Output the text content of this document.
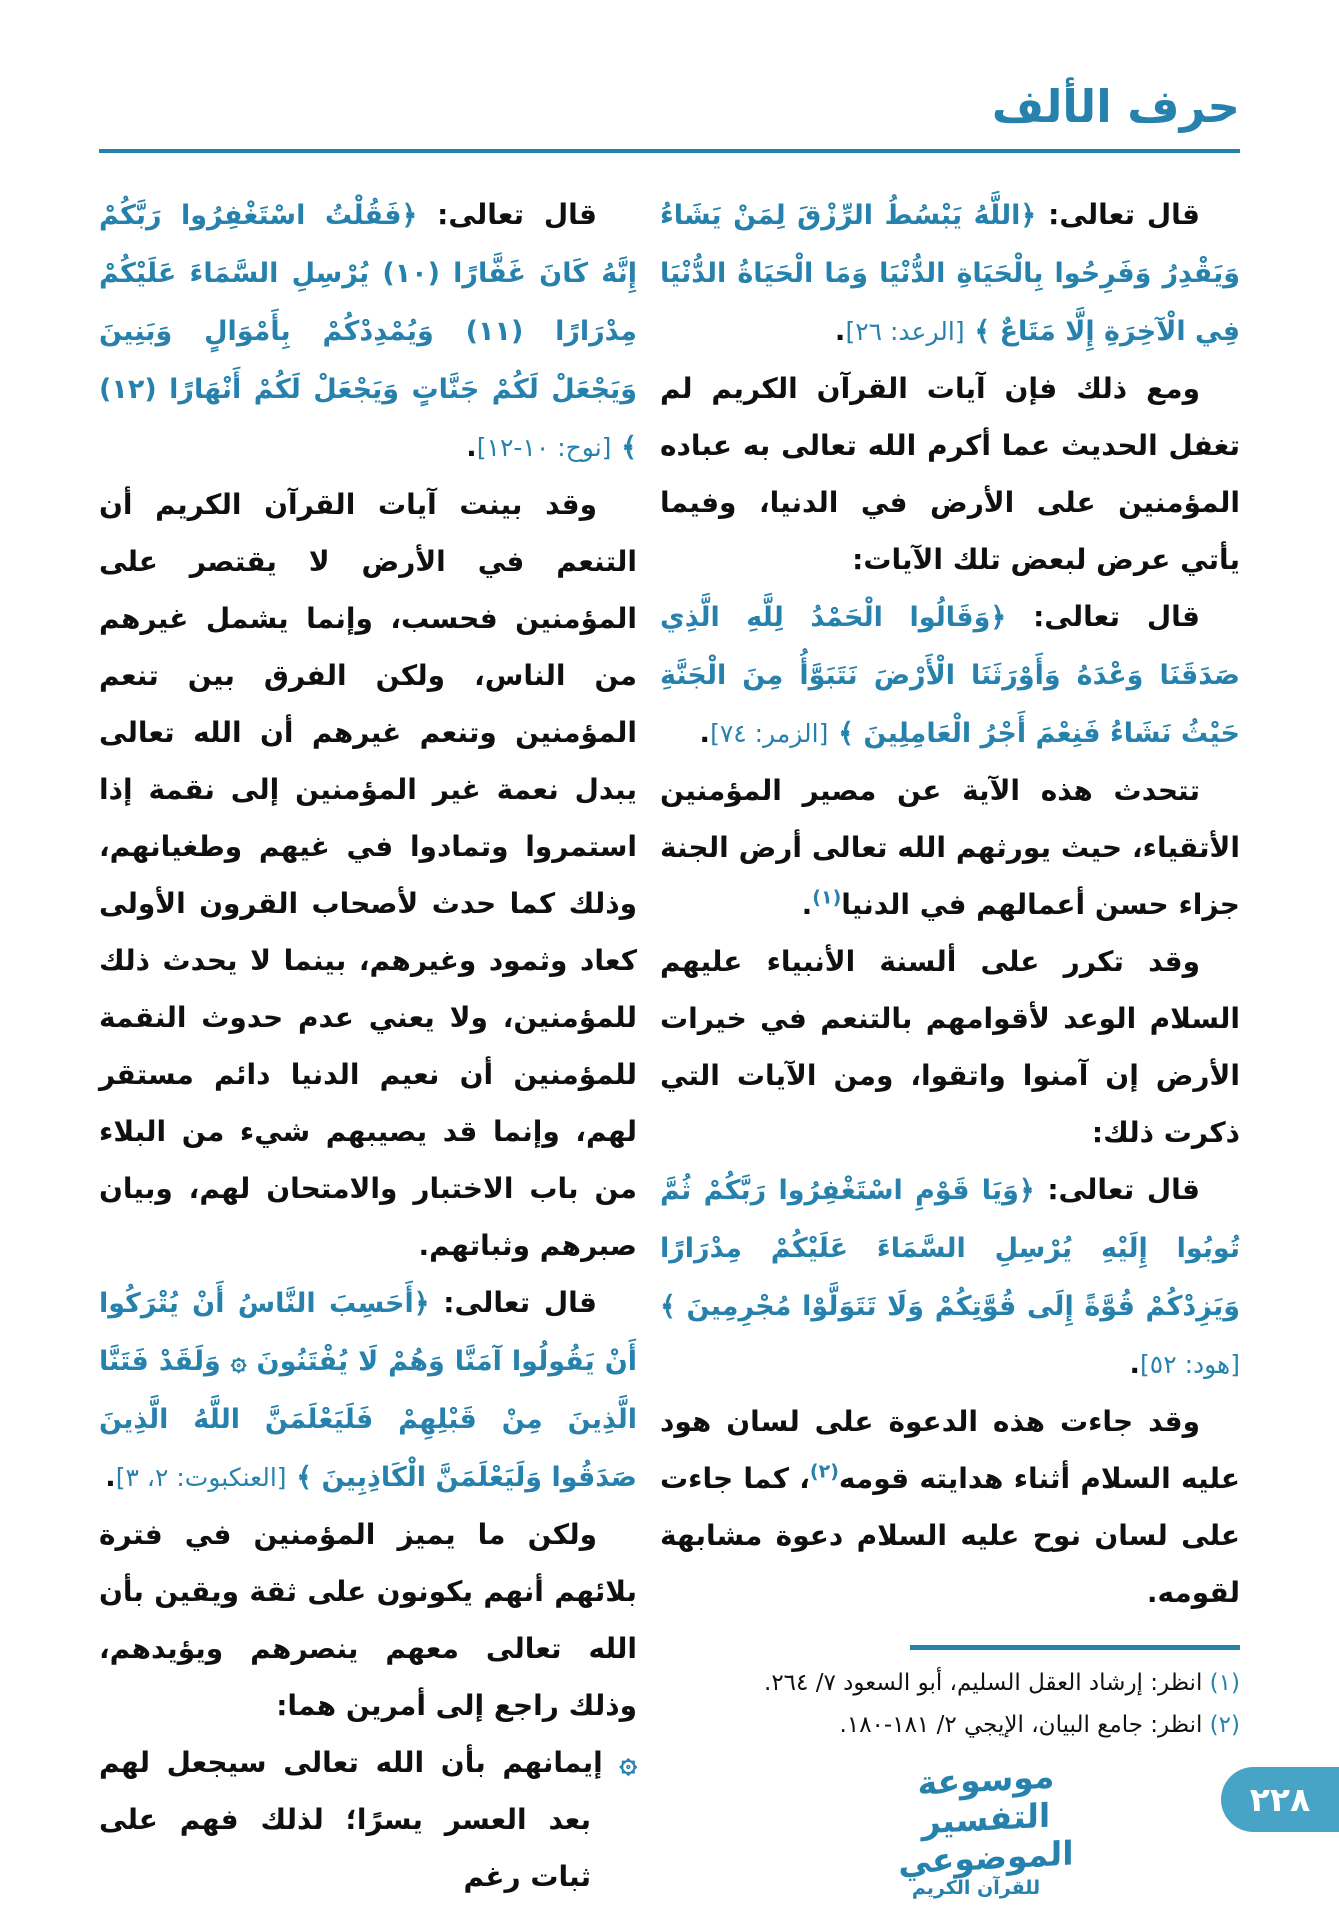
حرف الألف

قال تعالى: ﴿اللَّهُ يَبْسُطُ الرِّزْقَ لِمَنْ يَشَاءُ وَيَقْدِرُ وَفَرِحُوا بِالْحَيَاةِ الدُّنْيَا وَمَا الْحَيَاةُ الدُّنْيَا فِي الْآخِرَةِ إِلَّا مَتَاعٌ ﴾ [الرعد: ٢٦].

ومع ذلك فإن آيات القرآن الكريم لم تغفل الحديث عما أكرم الله تعالى به عباده المؤمنين على الأرض في الدنيا، وفيما يأتي عرض لبعض تلك الآيات:

قال تعالى: ﴿وَقَالُوا الْحَمْدُ لِلَّهِ الَّذِي صَدَقَنَا وَعْدَهُ وَأَوْرَثَنَا الْأَرْضَ نَتَبَوَّأُ مِنَ الْجَنَّةِ حَيْثُ نَشَاءُ فَنِعْمَ أَجْرُ الْعَامِلِينَ ﴾ [الزمر: ٧٤].

تتحدث هذه الآية عن مصير المؤمنين الأتقياء، حيث يورثهم الله تعالى أرض الجنة جزاء حسن أعمالهم في الدنيا$^{(١)}$.

وقد تكرر على ألسنة الأنبياء عليهم السلام الوعد لأقوامهم بالتنعم في خيرات الأرض إن آمنوا واتقوا، ومن الآيات التي ذكرت ذلك:

قال تعالى: ﴿وَيَا قَوْمِ اسْتَغْفِرُوا رَبَّكُمْ ثُمَّ تُوبُوا إِلَيْهِ يُرْسِلِ السَّمَاءَ عَلَيْكُمْ مِدْرَارًا وَيَزِدْكُمْ قُوَّةً إِلَى قُوَّتِكُمْ وَلَا تَتَوَلَّوْا مُجْرِمِينَ ﴾ [هود: ٥٢].

وقد جاءت هذه الدعوة على لسان هود عليه السلام أثناء هدايته قومه$^{(٢)}$، كما جاءت على لسان نوح عليه السلام دعوة مشابهة لقومه.

(١) انظر: إرشاد العقل السليم، أبو السعود ٧/ ٢٦٤.

(٢) انظر: جامع البيان، الإيجي ٢/ ١٨١-١٨٠.

قال تعالى: ﴿فَقُلْتُ اسْتَغْفِرُوا رَبَّكُمْ إِنَّهُ كَانَ غَفَّارًا (١٠) يُرْسِلِ السَّمَاءَ عَلَيْكُمْ مِدْرَارًا (١١) وَيُمْدِدْكُمْ بِأَمْوَالٍ وَبَنِينَ وَيَجْعَلْ لَكُمْ جَنَّاتٍ وَيَجْعَلْ لَكُمْ أَنْهَارًا (١٢) ﴾ [نوح: ١٠-١٢].

وقد بينت آيات القرآن الكريم أن التنعم في الأرض لا يقتصر على المؤمنين فحسب، وإنما يشمل غيرهم من الناس، ولكن الفرق بين تنعم المؤمنين وتنعم غيرهم أن الله تعالى يبدل نعمة غير المؤمنين إلى نقمة إذا استمروا وتمادوا في غيهم وطغيانهم، وذلك كما حدث لأصحاب القرون الأولى كعاد وثمود وغيرهم، بينما لا يحدث ذلك للمؤمنين، ولا يعني عدم حدوث النقمة للمؤمنين أن نعيم الدنيا دائم مستقر لهم، وإنما قد يصيبهم شيء من البلاء من باب الاختبار والامتحان لهم، وبيان صبرهم وثباتهم.

قال تعالى: ﴿أَحَسِبَ النَّاسُ أَنْ يُتْرَكُوا أَنْ يَقُولُوا آمَنَّا وَهُمْ لَا يُفْتَنُونَ ۞ وَلَقَدْ فَتَنَّا الَّذِينَ مِنْ قَبْلِهِمْ فَلَيَعْلَمَنَّ اللَّهُ الَّذِينَ صَدَقُوا وَلَيَعْلَمَنَّ الْكَاذِبِينَ ﴾ [العنكبوت: ٢، ٣].

ولكن ما يميز المؤمنين في فترة بلائهم أنهم يكونون على ثقة ويقين بأن الله تعالى معهم ينصرهم ويؤيدهم، وذلك راجع إلى أمرين هما:

۞ إيمانهم بأن الله تعالى سيجعل لهم بعد العسر يسرًا؛ لذلك فهم على ثبات رغم

موسوعة التفسير الموضوعي
للقرآن الكريم
٢٢٨
